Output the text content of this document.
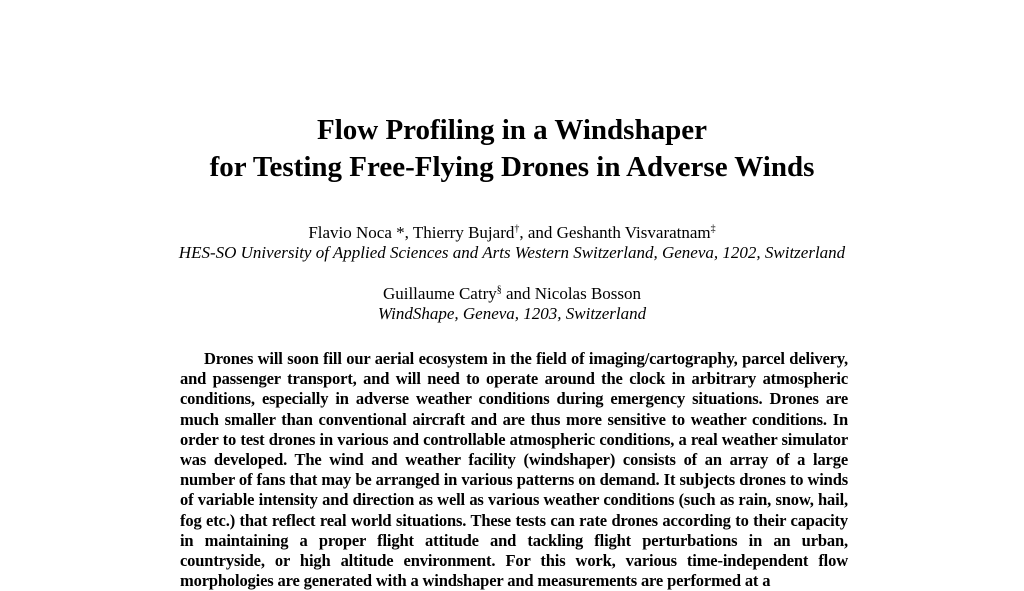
Flow Profiling in a Windshaper
for Testing Free-Flying Drones in Adverse Winds
Flavio Noca *, Thierry Bujard†, and Geshanth Visvaratnam‡
HES-SO University of Applied Sciences and Arts Western Switzerland, Geneva, 1202, Switzerland
Guillaume Catry§ and Nicolas Bosson
WindShape, Geneva, 1203, Switzerland

Drones will soon fill our aerial ecosystem in the field of imaging/cartography, parcel delivery, and passenger transport, and will need to operate around the clock in arbitrary atmospheric conditions, especially in adverse weather conditions during emergency situations. Drones are much smaller than conventional aircraft and are thus more sensitive to weather conditions. In order to test drones in various and controllable atmospheric conditions, a real weather simulator was developed. The wind and weather facility (windshaper) consists of an array of a large number of fans that may be arranged in various patterns on demand. It subjects drones to winds of variable intensity and direction as well as various weather conditions (such as rain, snow, hail, fog etc.) that reflect real world situations. These tests can rate drones according to their capacity in maintaining a proper flight attitude and tackling flight perturbations in an urban, countryside, or high altitude environment. For this work, various time-independent flow morphologies are generated with a windshaper and measurements are performed at a
